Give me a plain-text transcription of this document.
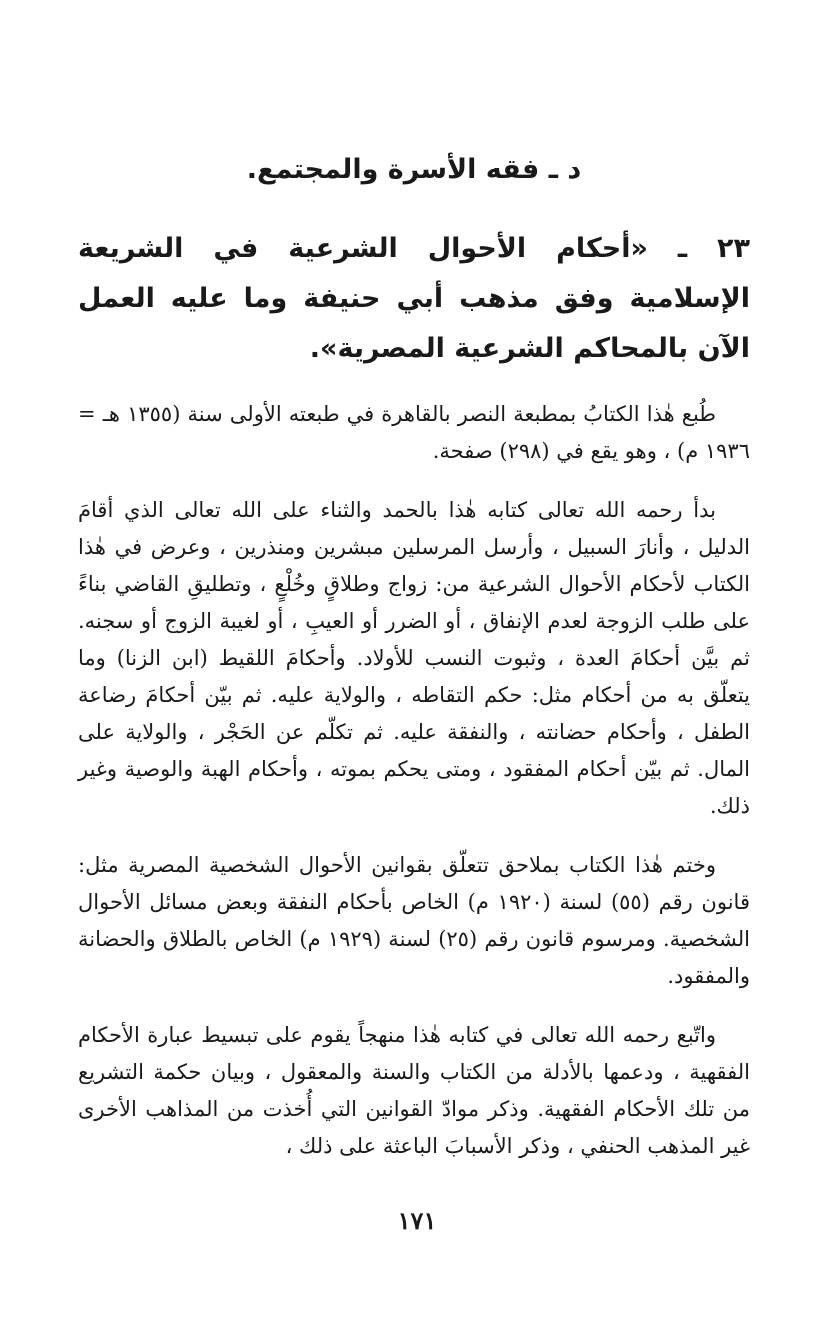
د ـ فقه الأسرة والمجتمع.
٢٣ ـ «أحكام الأحوال الشرعية في الشريعة الإسلامية وفق مذهب أبي حنيفة وما عليه العمل الآن بالمحاكم الشرعية المصرية».

طُبع هٰذا الكتابُ بمطبعة النصر بالقاهرة في طبعته الأولى سنة (١٣٥٥ هـ = ١٩٣٦ م) ، وهو يقع في (٢٩٨) صفحة.

بدأ رحمه الله تعالى كتابه هٰذا بالحمد والثناء على الله تعالى الذي أقامَ الدليل ، وأنارَ السبيل ، وأرسل المرسلين مبشرين ومنذرين ، وعرض في هٰذا الكتاب لأحكام الأحوال الشرعية من: زواج وطلاقٍ وخُلْعٍ ، وتطليقِ القاضي بناءً على طلب الزوجة لعدم الإنفاق ، أو الضرر أو العيبِ ، أو لغيبة الزوج أو سجنه. ثم بيَّن أحكامَ العدة ، وثبوت النسب للأولاد. وأحكامَ اللقيط (ابن الزنا) وما يتعلّق به من أحكام مثل: حكم التقاطه ، والولاية عليه. ثم بيّن أحكامَ رضاعة الطفل ، وأحكام حضانته ، والنفقة عليه. ثم تكلّم عن الحَجْر ، والولاية على المال. ثم بيّن أحكام المفقود ، ومتى يحكم بموته ، وأحكام الهبة والوصية وغير ذلك.

وختم هٰذا الكتاب بملاحق تتعلّق بقوانين الأحوال الشخصية المصرية مثل: قانون رقم (٥٥) لسنة (١٩٢٠ م) الخاص بأحكام النفقة وبعض مسائل الأحوال الشخصية. ومرسوم قانون رقم (٢٥) لسنة (١٩٢٩ م) الخاص بالطلاق والحضانة والمفقود.

واتّبع رحمه الله تعالى في كتابه هٰذا منهجاً يقوم على تبسيط عبارة الأحكام الفقهية ، ودعمها بالأدلة من الكتاب والسنة والمعقول ، وبيان حكمة التشريع من تلك الأحكام الفقهية. وذكر موادّ القوانين التي أُخذت من المذاهب الأخرى غير المذهب الحنفي ، وذكر الأسبابَ الباعثة على ذلك ،

١٧١
